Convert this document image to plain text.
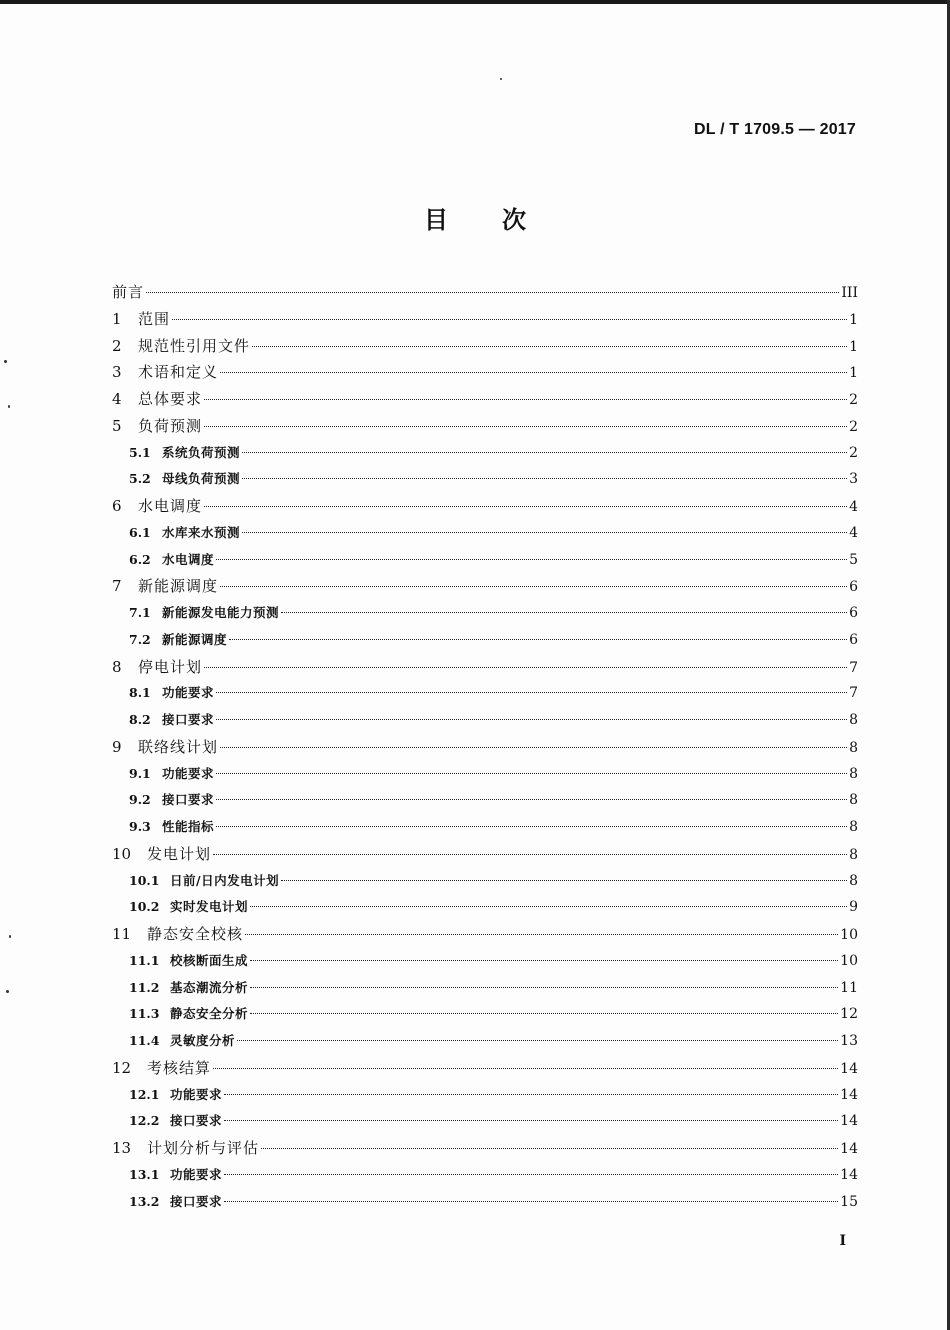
DL / T 1709.5 — 2017
目次
前言	III
1	范围	1
2	规范性引用文件	1
3	术语和定义	1
4	总体要求	2
5	负荷预测	2
5.1 系统负荷预测	2
5.2 母线负荷预测	3
6	水电调度	4
6.1 水库来水预测	4
6.2 水电调度	5
7	新能源调度	6
7.1 新能源发电能力预测	6
7.2 新能源调度	6
8	停电计划	7
8.1 功能要求	7
8.2 接口要求	8
9	联络线计划	8
9.1 功能要求	8
9.2 接口要求	8
9.3 性能指标	8
10	发电计划	8
10.1 日前/日内发电计划	8
10.2 实时发电计划	9
11	静态安全校核	10
11.1 校核断面生成	10
11.2 基态潮流分析	11
11.3 静态安全分析	12
11.4 灵敏度分析	13
12	考核结算	14
12.1 功能要求	14
12.2 接口要求	14
13	计划分析与评估	14
13.1 功能要求	14
13.2 接口要求	15
I
